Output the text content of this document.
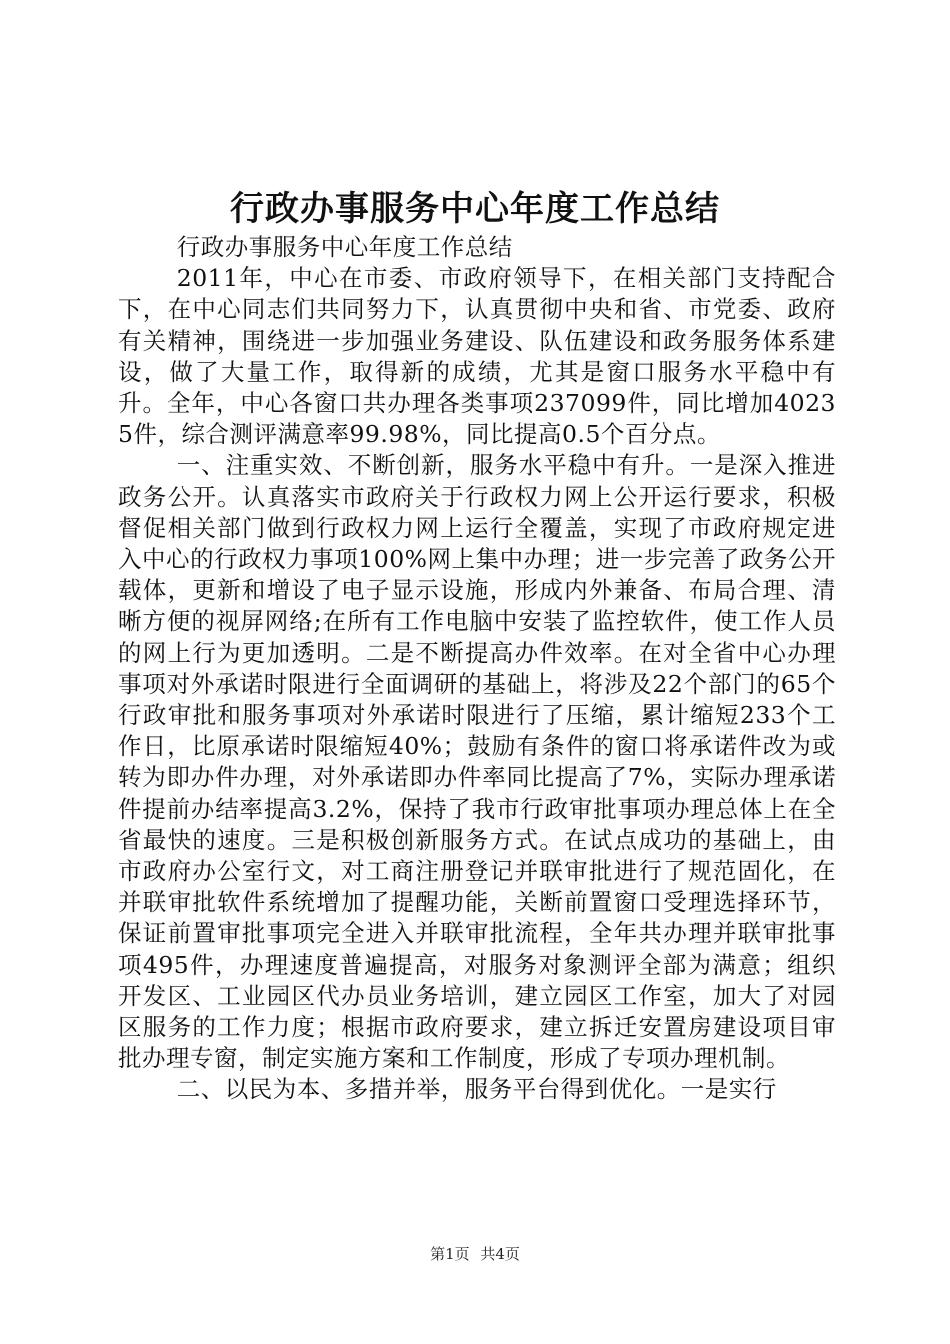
行政办事服务中心年度工作总结

行政办事服务中心年度工作总结

2011年，中心在市委、市政府领导下，在相关部门支持配合下，在中心同志们共同努力下，认真贯彻中央和省、市党委、政府有关精神，围绕进一步加强业务建设、队伍建设和政务服务体系建设，做了大量工作，取得新的成绩，尤其是窗口服务水平稳中有升。全年，中心各窗口共办理各类事项237099件，同比增加40235件，综合测评满意率99.98%，同比提高0.5个百分点。

一、注重实效、不断创新，服务水平稳中有升。一是深入推进政务公开。认真落实市政府关于行政权力网上公开运行要求，积极督促相关部门做到行政权力网上运行全覆盖，实现了市政府规定进入中心的行政权力事项100%网上集中办理；进一步完善了政务公开载体，更新和增设了电子显示设施，形成内外兼备、布局合理、清晰方便的视屏网络;在所有工作电脑中安装了监控软件，使工作人员的网上行为更加透明。二是不断提高办件效率。在对全省中心办理事项对外承诺时限进行全面调研的基础上，将涉及22个部门的65个行政审批和服务事项对外承诺时限进行了压缩，累计缩短233个工作日，比原承诺时限缩短40%；鼓励有条件的窗口将承诺件改为或转为即办件办理，对外承诺即办件率同比提高了7%，实际办理承诺件提前办结率提高3.2%，保持了我市行政审批事项办理总体上在全省最快的速度。三是积极创新服务方式。在试点成功的基础上，由市政府办公室行文，对工商注册登记并联审批进行了规范固化，在并联审批软件系统增加了提醒功能，关断前置窗口受理选择环节，保证前置审批事项完全进入并联审批流程，全年共办理并联审批事项495件，办理速度普遍提高，对服务对象测评全部为满意；组织开发区、工业园区代办员业务培训，建立园区工作室，加大了对园区服务的工作力度；根据市政府要求，建立拆迁安置房建设项目审批办理专窗，制定实施方案和工作制度，形成了专项办理机制。

二、以民为本、多措并举，服务平台得到优化。一是实行

第1页 共4页
